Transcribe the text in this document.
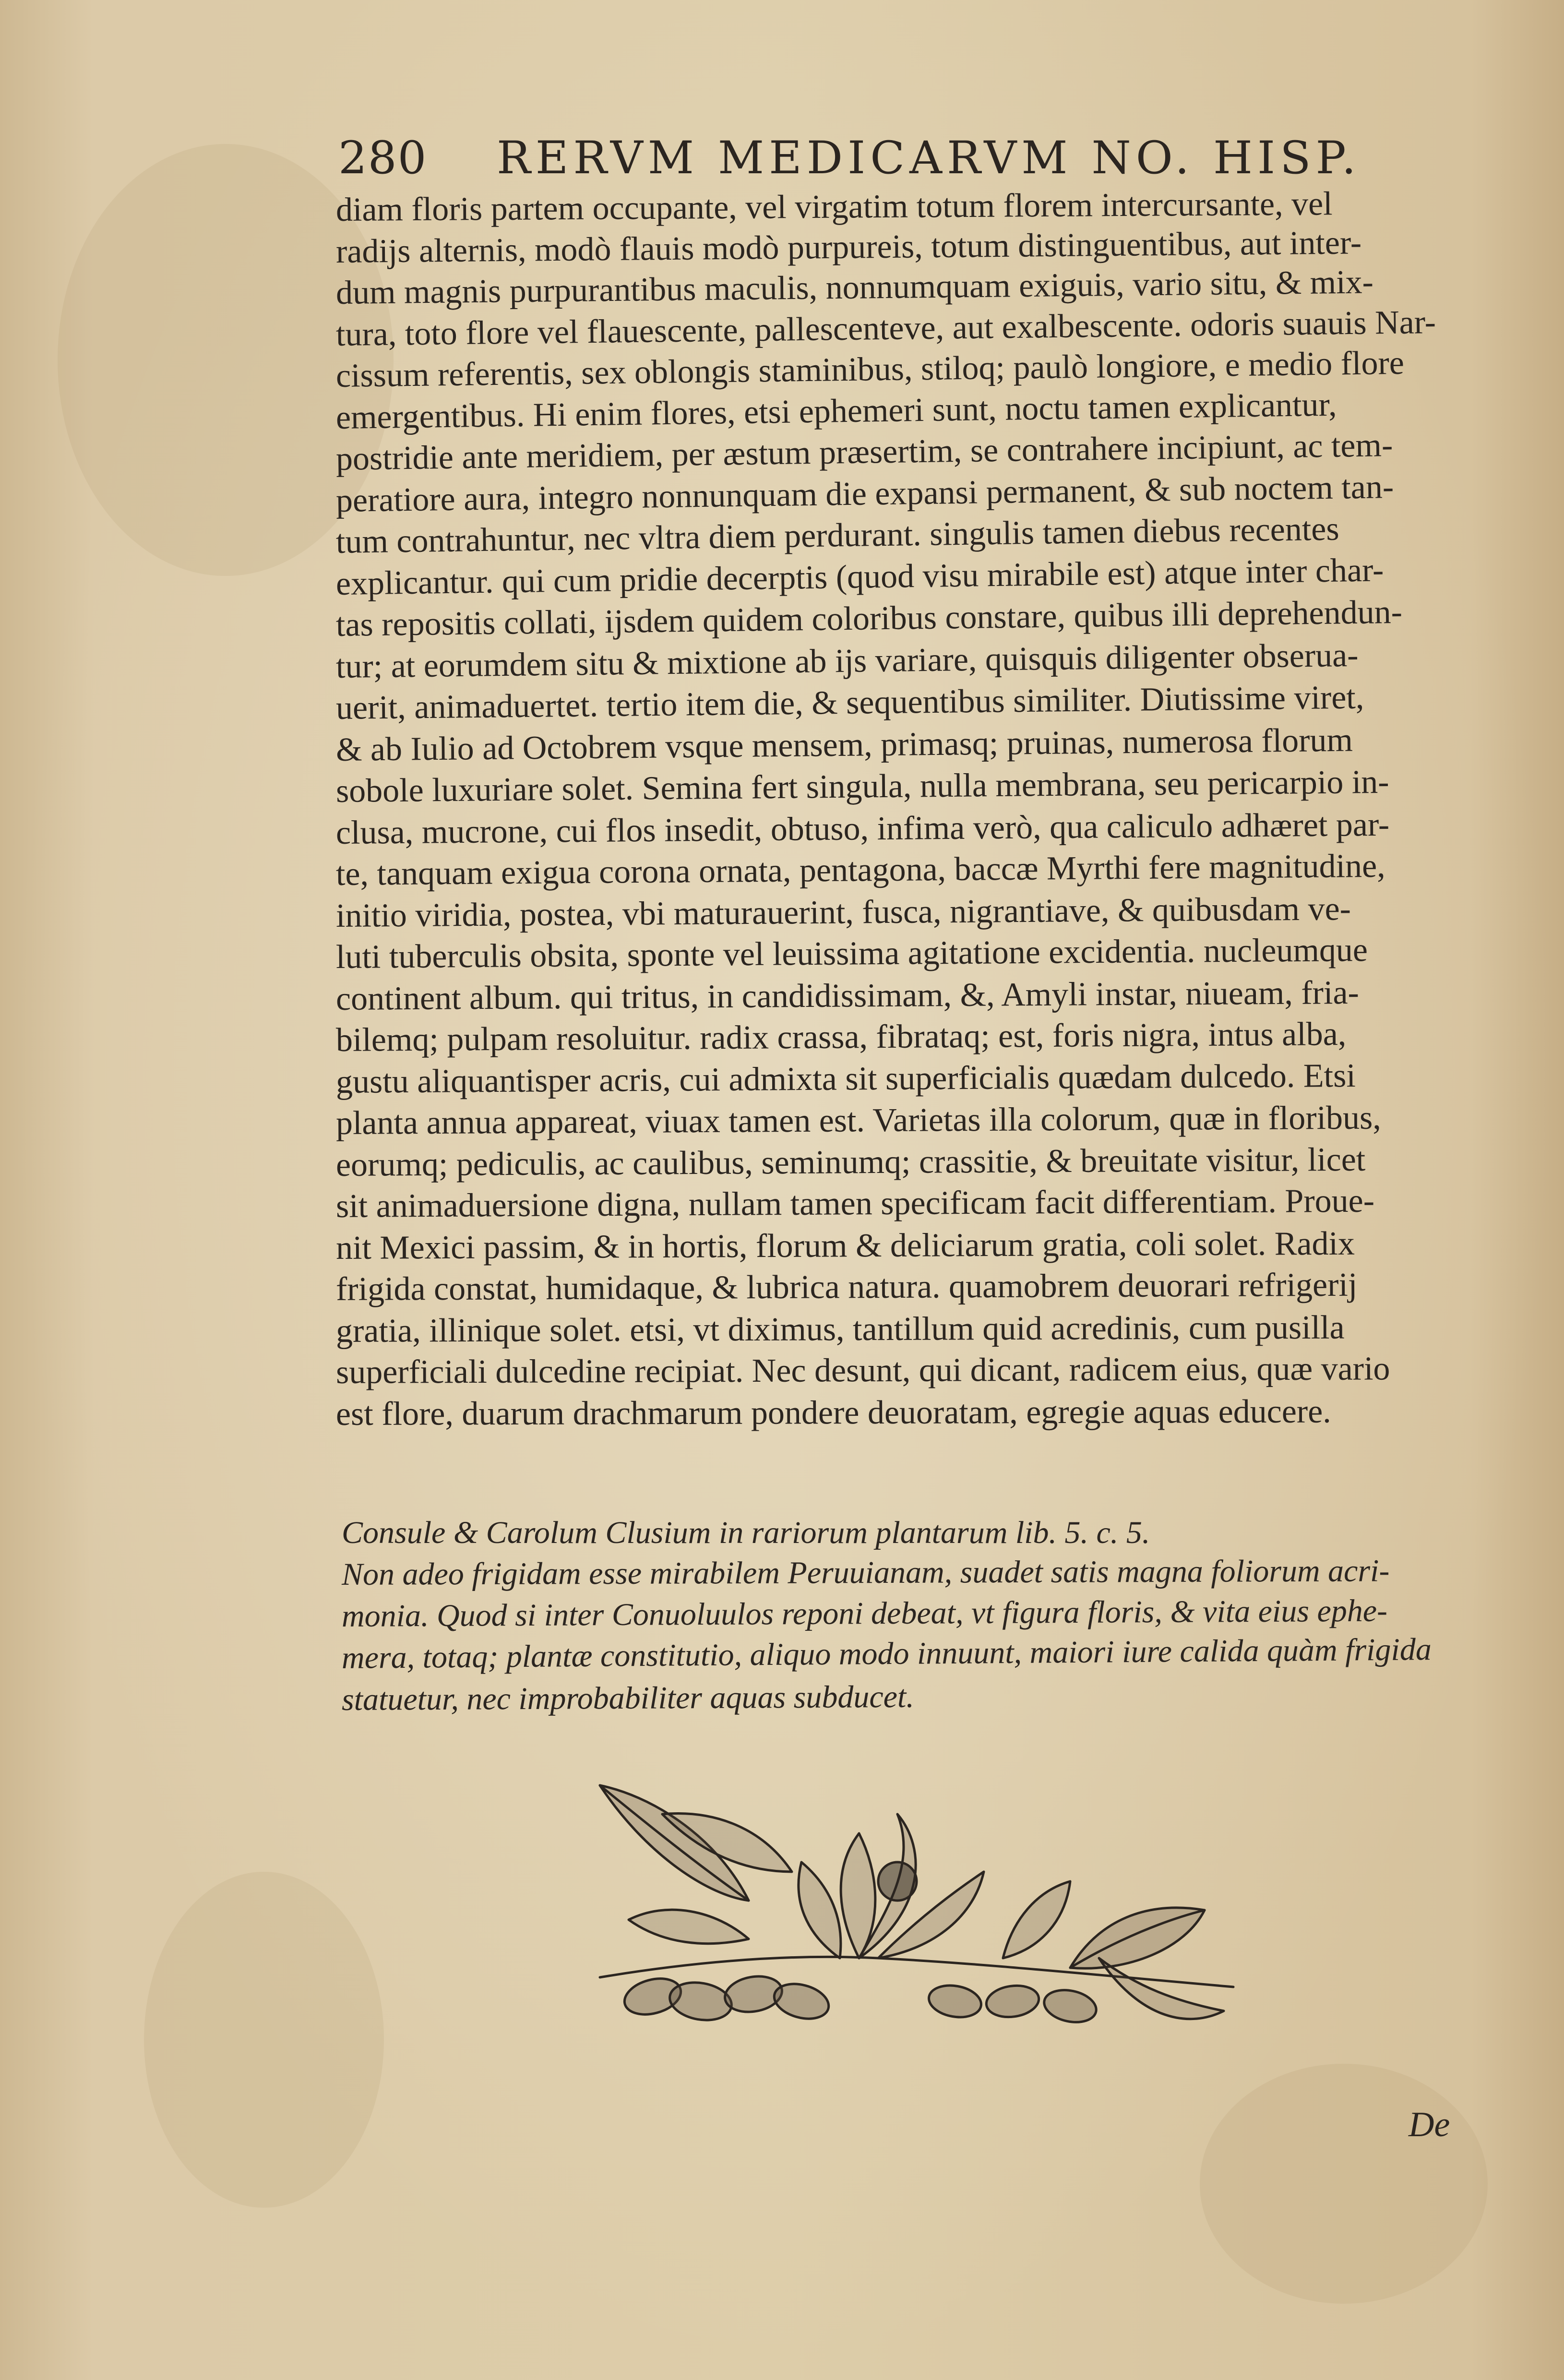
280 RERVM MEDICARVM NO. HISP.
diam floris partem occupante, vel virgatim totum florem intercursante, vel
radijs alternis, modò flauis modò purpureis, totum distinguentibus, aut inter-
dum magnis purpurantibus maculis, nonnumquam exiguis, vario situ, & mix-
tura, toto flore vel flauescente, pallescenteve, aut exalbescente. odoris suauis Nar-
cissum referentis, sex oblongis staminibus, stiloq; paulò longiore, e medio flore
emergentibus. Hi enim flores, etsi ephemeri sunt, noctu tamen explicantur,
postridie ante meridiem, per æstum præsertim, se contrahere incipiunt, ac tem-
peratiore aura, integro nonnunquam die expansi permanent, & sub noctem tan-
tum contrahuntur, nec vltra diem perdurant. singulis tamen diebus recentes
explicantur. qui cum pridie decerptis (quod visu mirabile est) atque inter char-
tas repositis collati, ijsdem quidem coloribus constare, quibus illi deprehendun-
tur; at eorumdem situ & mixtione ab ijs variare, quisquis diligenter obserua-
uerit, animaduertet. tertio item die, & sequentibus similiter. Diutissime viret,
& ab Iulio ad Octobrem vsque mensem, primasq; pruinas, numerosa florum
sobole luxuriare solet. Semina fert singula, nulla membrana, seu pericarpio in-
clusa, mucrone, cui flos insedit, obtuso, infima verò, qua caliculo adhæret par-
te, tanquam exigua corona ornata, pentagona, baccæ Myrthi fere magnitudine,
initio viridia, postea, vbi maturauerint, fusca, nigrantiave, & quibusdam ve-
luti tuberculis obsita, sponte vel leuissima agitatione excidentia. nucleumque
continent album. qui tritus, in candidissimam, &, Amyli instar, niueam, fria-
bilemq; pulpam resoluitur. radix crassa, fibrataq; est, foris nigra, intus alba,
gustu aliquantisper acris, cui admixta sit superficialis quædam dulcedo. Etsi
planta annua appareat, viuax tamen est. Varietas illa colorum, quæ in floribus,
eorumq; pediculis, ac caulibus, seminumq; crassitie, & breuitate visitur, licet
sit animaduersione digna, nullam tamen specificam facit differentiam. Proue-
nit Mexici passim, & in hortis, florum & deliciarum gratia, coli solet. Radix
frigida constat, humidaque, & lubrica natura. quamobrem deuorari refrigerij
gratia, illinique solet. etsi, vt diximus, tantillum quid acredinis, cum pusilla
superficiali dulcedine recipiat. Nec desunt, qui dicant, radicem eius, quæ vario
est flore, duarum drachmarum pondere deuoratam, egregie aquas educere.
Consule & Carolum Clusium in rariorum plantarum lib. 5. c. 5.
Non adeo frigidam esse mirabilem Peruuianam, suadet satis magna foliorum acri-
monia. Quod si inter Conuoluulos reponi debeat, vt figura floris, & vita eius ephe-
mera, totaq; plantæ constitutio, aliquo modo innuunt, maiori iure calida quàm frigida
statuetur, nec improbabiliter aquas subducet.
De
